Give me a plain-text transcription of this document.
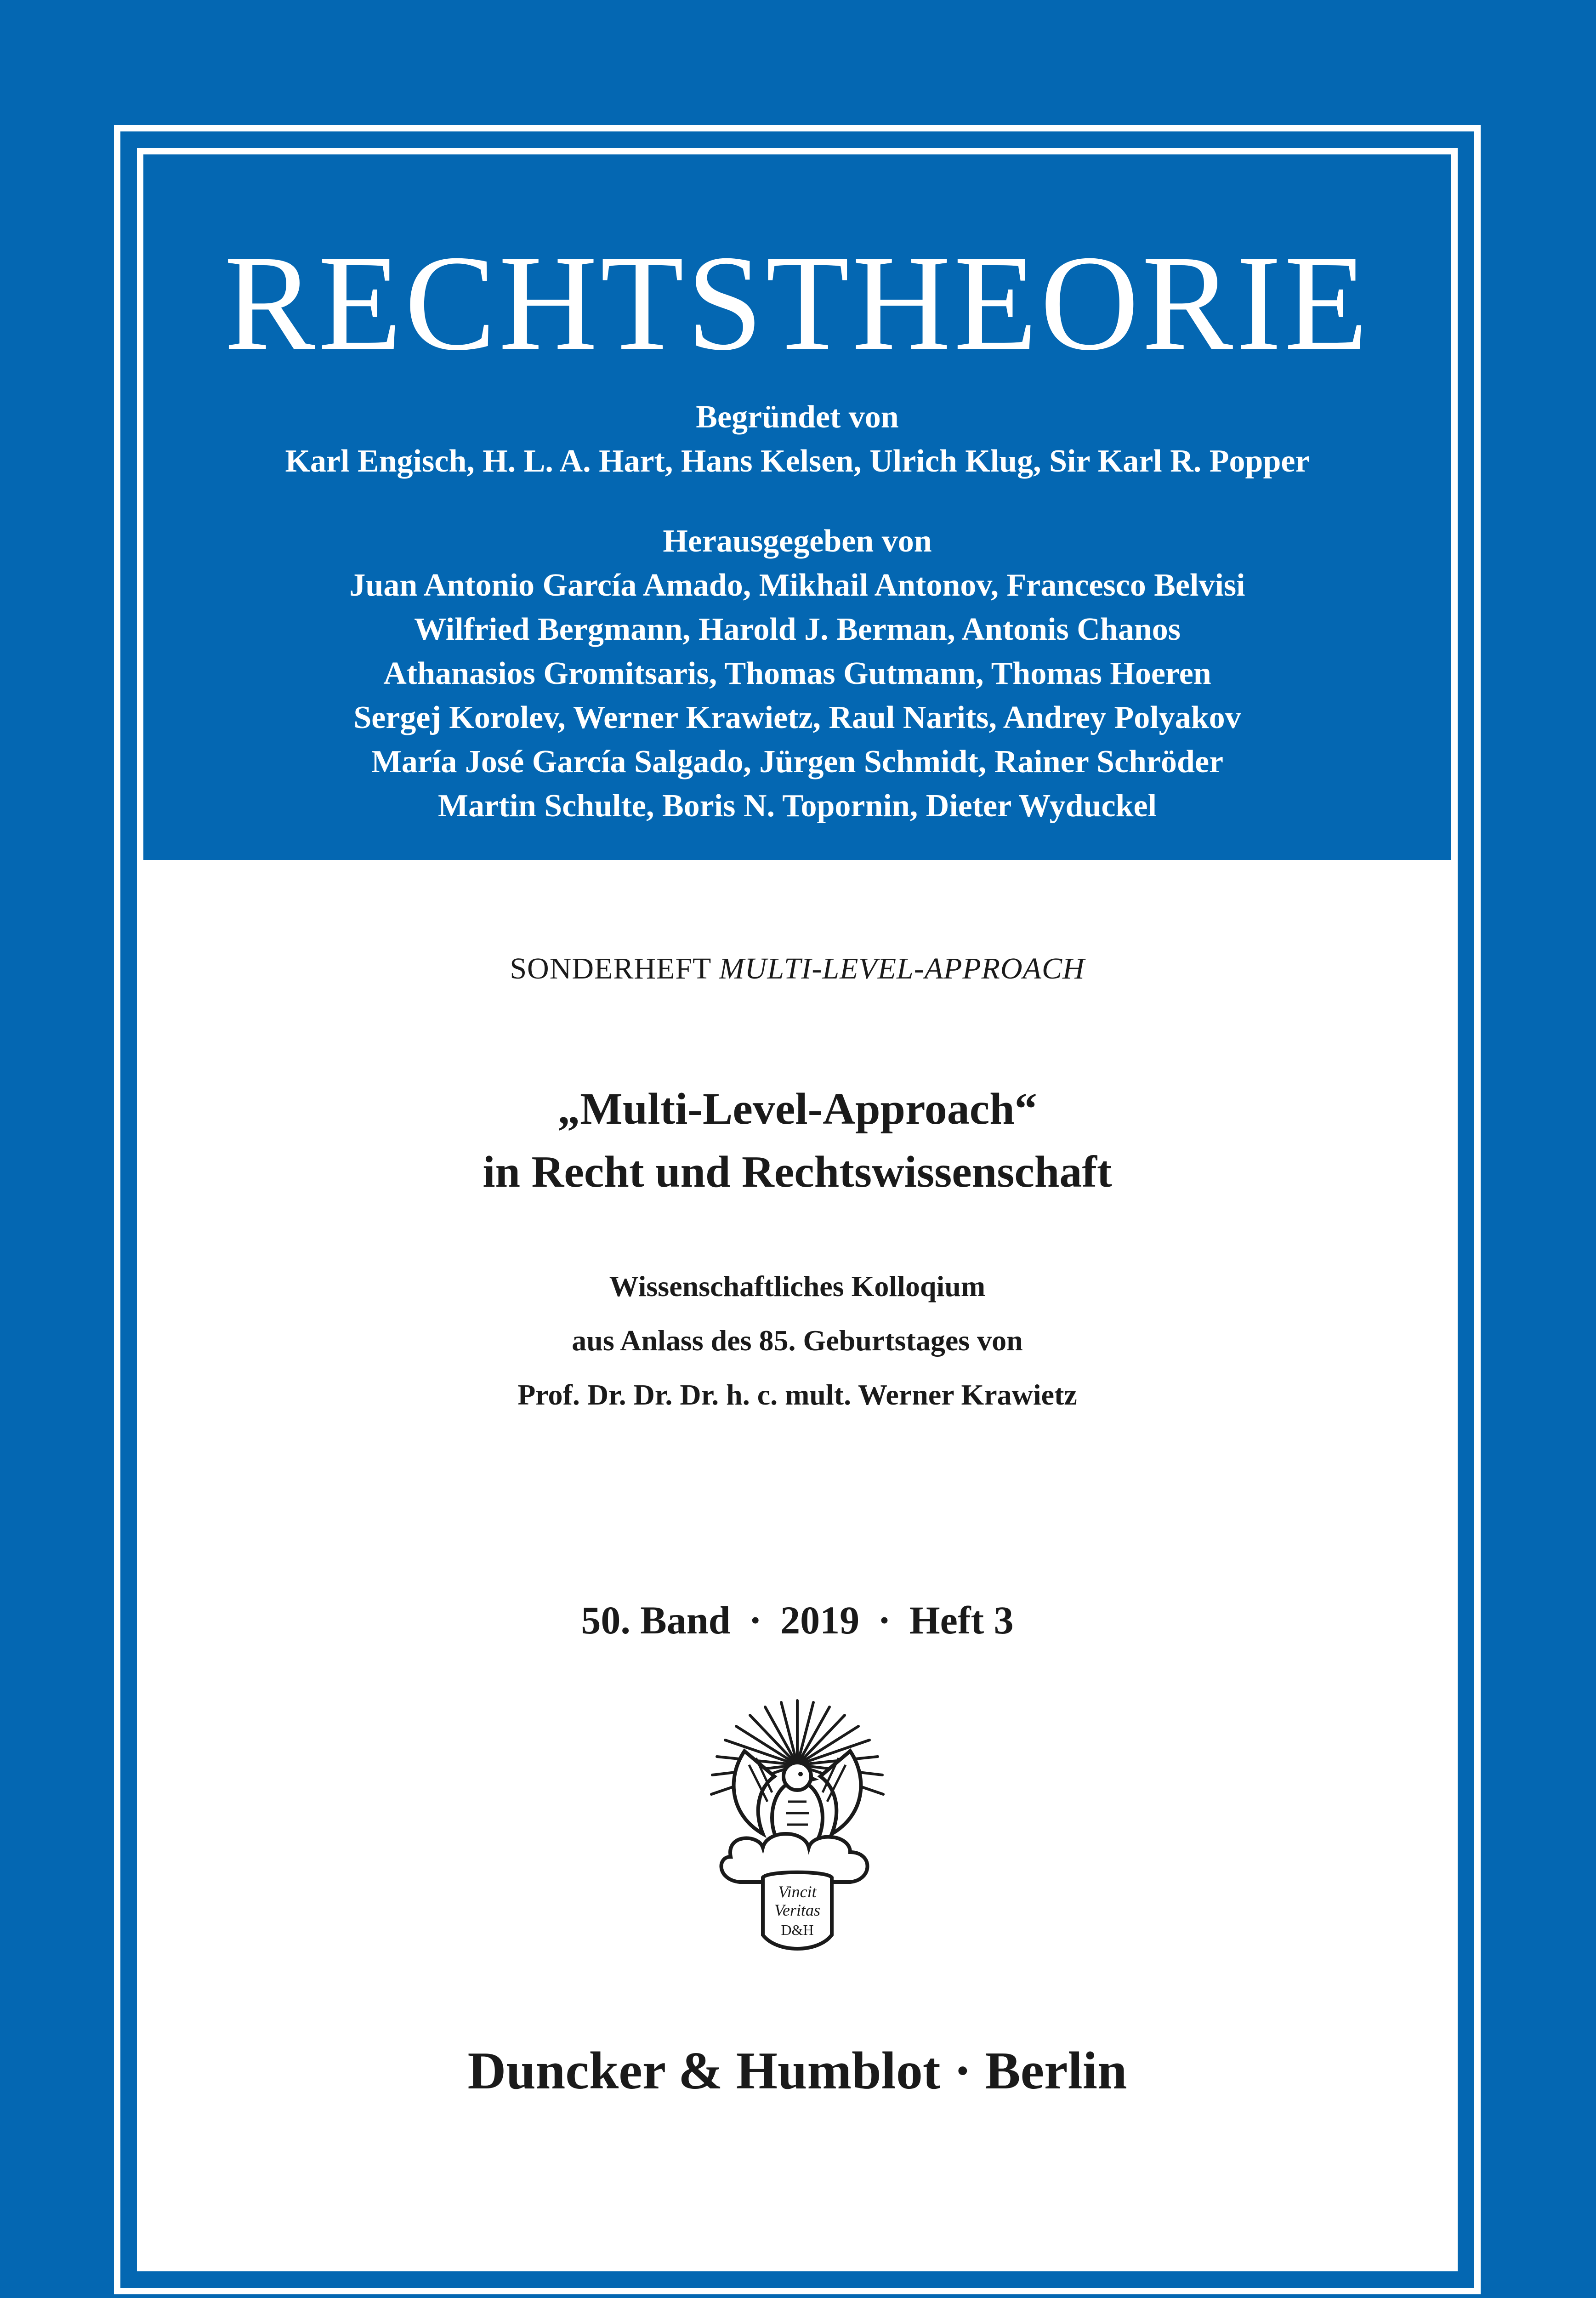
RECHTSTHEORIE
Begründet von
Karl Engisch, H. L. A. Hart, Hans Kelsen, Ulrich Klug, Sir Karl R. Popper
Herausgegeben von
Juan Antonio García Amado, Mikhail Antonov, Francesco Belvisi
Wilfried Bergmann, Harold J. Berman, Antonis Chanos
Athanasios Gromitsaris, Thomas Gutmann, Thomas Hoeren
Sergej Korolev, Werner Krawietz, Raul Narits, Andrey Polyakov
María José García Salgado, Jürgen Schmidt, Rainer Schröder
Martin Schulte, Boris N. Topornin, Dieter Wyduckel
SONDERHEFT MULTI-LEVEL-APPROACH
„Multi-Level-Approach“
in Recht und Rechtswissenschaft
Wissenschaftliches Kolloqium
aus Anlass des 85. Geburtstages von
Prof. Dr. Dr. Dr. h. c. mult. Werner Krawietz
50. Band · 2019 · Heft 3
Vincit
Veritas
D&H
Duncker & Humblot · Berlin
